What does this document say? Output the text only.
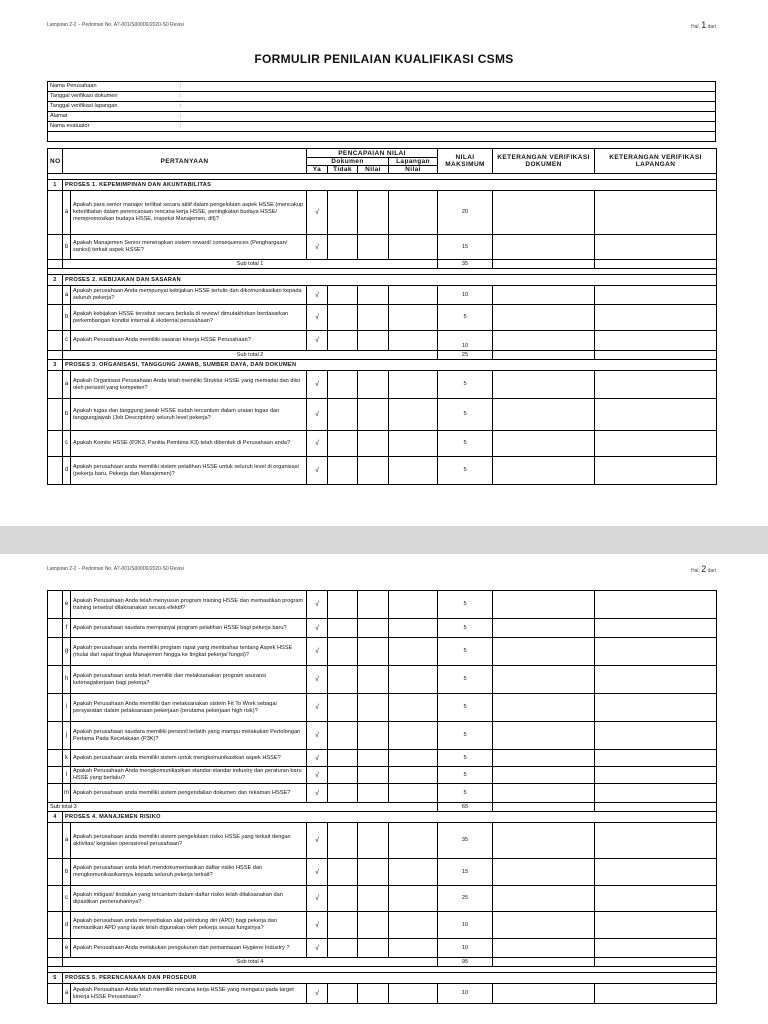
Lampiran 2-2 – Pedoman No. A7-001/S00000/2020-S0 Revisi	Hal. 1 dari
FORMULIR PENILAIAN KUALIFIKASI CSMS
Nama Perusahaan	:
Tanggal verifikasi dokumen	:
Tanggal verifikasi lapangan	:
Alamat	:
Nama evaluator	:

NO	PERTANYAAN		PENCAPAIAN NILAI				NILAI MAKSIMUM	KETERANGAN VERIFIKASI DOKUMEN	KETERANGAN VERIFIKASI LAPANGAN
			Dokumen			Lapangan			
			Ya	Tidak	Nilai	Nilai			

1	PROSES 1. KEPEMIMPINAN DAN AKUNTABILITAS								
	a	Apakah para senior manajer terlibat secara aktif dalam pengelolaan aspek HSSE (mencakup keterlibatan dalam perencanaan rencana kerja HSSE, peningkatan budaya HSSE/ mempromosikan budaya HSSE, inspeksi Manajemen, dll)?	√				20		
	b	Apakah Manajemen Senior menerapkan sistem reward/ consequences (Penghargaan/ sanksi) terkait aspek HSSE?	√				15		
	Sub total 1						35		

2	PROSES 2. KEBIJAKAN DAN SASARAN								
	a	Apakah perusahaan Anda mempunyai kebijakan HSSE tertulis dan dikomunikasikan kepada seluruh pekerja?	√				10		
	b	Apakah kebijakan HSSE tersebut secara berkala di review/ dimutakhirkan berdasarkan perkembangan kondisi internal & eksternal perusahaan?	√				5		
	c	Apakah Perusahaan Anda memiliki sasaran kinerja HSSE Perusahaan?	√				10		
	Sub total 2						25		
3	PROSES 3. ORGANISASI, TANGGUNG JAWAB, SUMBER DAYA, DAN DOKUMEN								
	a	Apakah Organisasi Perusahaan Anda telah memiliki Struktur HSSE yang memadai dan diisi oleh personil yang kompeten?	√				5		
	b	Apakah tugas dan tanggung jawab HSSE sudah tercantum dalam uraian tugas dan tanggungjawab (Job Description) seluruh level pekerja?	√				5		
	c	Apakah Komite HSSE (P2K3, Panitia Pembina K3) telah dibentuk di Perusahaan anda?	√				5		
	d	Apakah perusahaan anda memiliki sistem pelatihan HSSE untuk seluruh level di organisasi (pekerja baru, Pekerja dan Manajemen)?	√				5		
Lampiran 2-2 – Pedoman No. A7-001/S00000/2020-S0 Revisi	Hal. 2 dari
	e	Apakah Perusahaan Anda telah menyusun program training HSSE dan memastikan program training tersebut dilaksanakan secara efektif?	√				5		
	f	Apakah perusahaan saudara mempunyai program pelatihan HSSE bagi pekerja baru?	√				5		
	g	Apakah perusahaan anda memiliki program rapat yang membahas tentang Aspek HSSE (mulai dari rapat tingkat Manajemen hingga ke tingkat pekerja/ fungsi)?	√				5		
	h	Apakah perusahaan anda telah memiliki dan melaksanakan program asuransi ketenagakerjaan bagi pekerja?	√				5		
	i	Apakah Perusahaan Anda memiliki dan melaksanakan sistem Fit To Work sebagai persyaratan dalam pelaksanaan pekerjaan (terutama pekerjaan high risk)?	√				5		
	j	Apakah perusahaan saudara memiliki personil terlatih yang mampu melakukan Pertolongan Pertama Pada Kecelakaan (P3K)?	√				5		
	k	Apakah perusahaan anda memiliki sistem untuk mengkomunikasikan aspek HSSE?	√				5		
	l	Apakah Perusahaan Anda mengkomunikasikan standar-standar industry dan peraturan baru HSSE yang berlaku?	√				5		
	m	Apakah perusahaan anda memiliki sistem pengendalian dokumen dan rekaman HSSE?	√				5		
Sub total 3							65		
4	PROSES 4. MANAJEMEN RISIKO								
	a	Apakah perusahaan anda memiliki sistem pengelolaan risiko HSSE yang terkait dengan aktivitas/ kegiatan operasional perusahaan?	√				35		
	b	Apakah perusahaan anda telah mendokumentasikan daftar risiko HSSE dan mengkomunikasikannya kepada seluruh pekerja terkait?	√				15		
	c	Apakah mitigasi/ tindakan yang tercantum dalam daftar risiko telah dilaksanakan dan dipastikan pemenuhannya?	√				25		
	d	Apakah perusahaan anda menyediakan alat pelindung diri (APD) bagi pekerja dan memastikan APD yang layak telah digunakan oleh pekerja sesuai fungsinya?	√				10		
	e	Apakah Perusahaan Anda melakukan pengukuran dan pemantauan Hygiene Industry ?	√				10		
	Sub total 4						95		

5	PROSES 5. PERENCANAAN DAN PROSEDUR								
	a	Apakah Perusahaan Anda telah memiliki rencana kerja HSSE yang mengacu pada target kinerja HSSE Perusahaan?	√				10		
